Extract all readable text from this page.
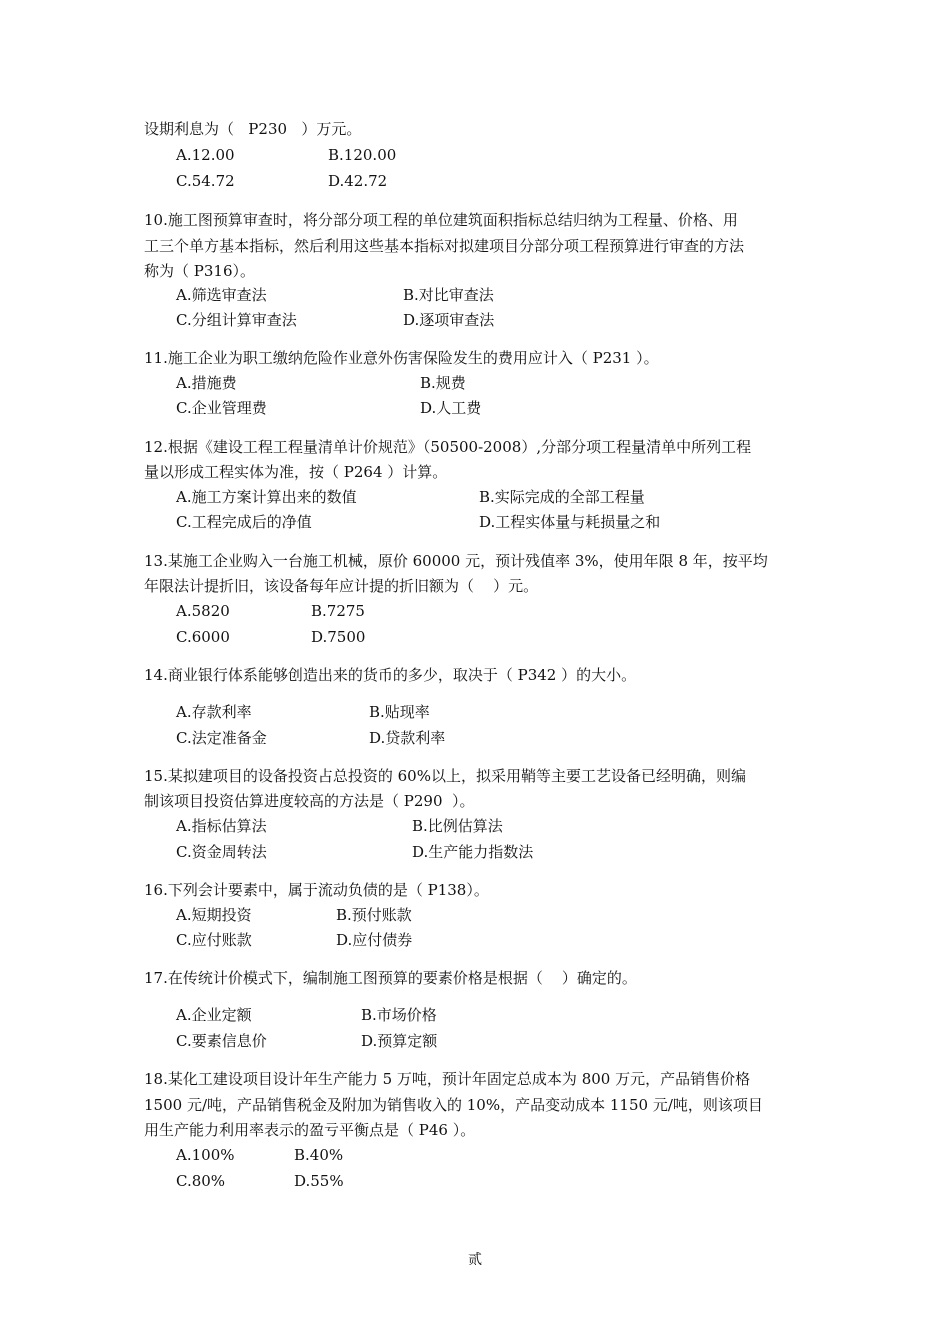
设期利息为（   P230   ）万元。
A.12.00	B.120.00
C.54.72	D.42.72
10.施工图预算审查时，将分部分项工程的单位建筑面积指标总结归纳为工程量、价格、用
工三个单方基本指标，然后利用这些基本指标对拟建项目分部分项工程预算进行审查的方法
称为（ P316）。
A.筛选审查法	B.对比审查法
C.分组计算审查法	D.逐项审查法
11.施工企业为职工缴纳危险作业意外伤害保险发生的费用应计入（ P231 ）。
A.措施费	B.规费
C.企业管理费	D.人工费
12.根据《建设工程工程量清单计价规范》（50500-2008）,分部分项工程量清单中所列工程
量以形成工程实体为准，按（ P264 ）计算。
A.施工方案计算出来的数值	B.实际完成的全部工程量
C.工程完成后的净值	D.工程实体量与耗损量之和
13.某施工企业购入一台施工机械，原价 60000 元，预计残值率 3%，使用年限 8 年，按平均
年限法计提折旧，该设备每年应计提的折旧额为（    ）元。
A.5820	B.7275
C.6000	D.7500
14.商业银行体系能够创造出来的货币的多少，取决于（ P342 ）的大小。
A.存款利率	B.贴现率
C.法定准备金	D.贷款利率
15.某拟建项目的设备投资占总投资的 60%以上，拟采用鞘等主要工艺设备已经明确，则编
制该项目投资估算进度较高的方法是（ P290  ）。
A.指标估算法	B.比例估算法
C.资金周转法	D.生产能力指数法
16.下列会计要素中，属于流动负债的是（ P138）。
A.短期投资	B.预付账款
C.应付账款	D.应付债券
17.在传统计价模式下，编制施工图预算的要素价格是根据（    ）确定的。
A.企业定额	B.市场价格
C.要素信息价	D.预算定额
18.某化工建设项目设计年生产能力 5 万吨，预计年固定总成本为 800 万元，产品销售价格
1500 元/吨，产品销售税金及附加为销售收入的 10%，产品变动成本 1150 元/吨，则该项目
用生产能力利用率表示的盈亏平衡点是（ P46 ）。
A.100%	B.40%
C.80%	D.55%
贰
